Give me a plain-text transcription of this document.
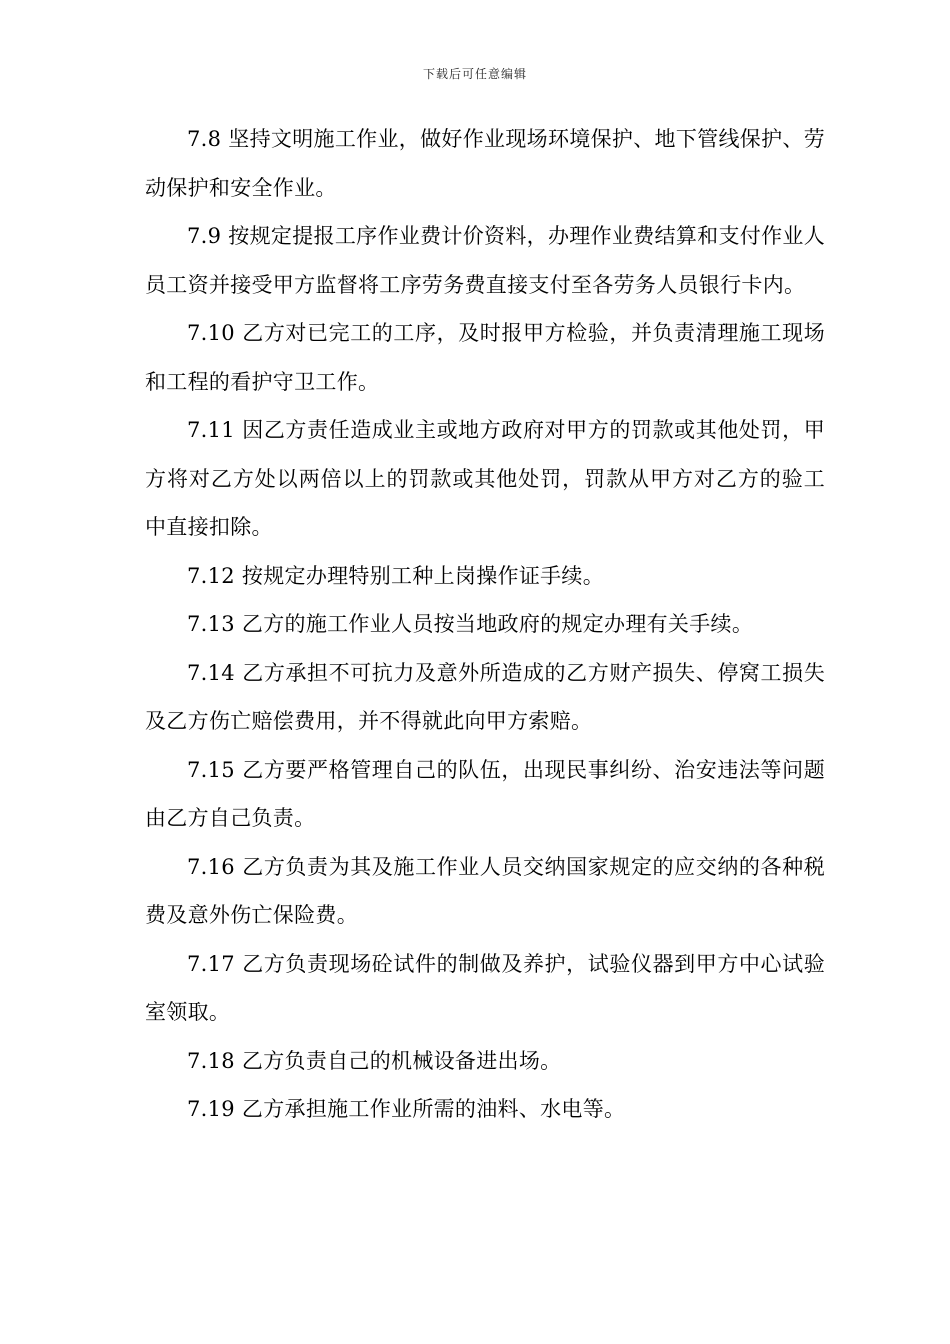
下载后可任意编辑

7.8 坚持文明施工作业，做好作业现场环境保护、地下管线保护、劳动保护和安全作业。

7.9 按规定提报工序作业费计价资料，办理作业费结算和支付作业人员工资并接受甲方监督将工序劳务费直接支付至各劳务人员银行卡内。

7.10 乙方对已完工的工序，及时报甲方检验，并负责清理施工现场和工程的看护守卫工作。

7.11 因乙方责任造成业主或地方政府对甲方的罚款或其他处罚，甲方将对乙方处以两倍以上的罚款或其他处罚，罚款从甲方对乙方的验工中直接扣除。

7.12 按规定办理特别工种上岗操作证手续。

7.13 乙方的施工作业人员按当地政府的规定办理有关手续。

7.14 乙方承担不可抗力及意外所造成的乙方财产损失、停窝工损失及乙方伤亡赔偿费用，并不得就此向甲方索赔。

7.15 乙方要严格管理自己的队伍，出现民事纠纷、治安违法等问题由乙方自己负责。

7.16 乙方负责为其及施工作业人员交纳国家规定的应交纳的各种税费及意外伤亡保险费。

7.17 乙方负责现场砼试件的制做及养护，试验仪器到甲方中心试验室领取。

7.18 乙方负责自己的机械设备进出场。

7.19 乙方承担施工作业所需的油料、水电等。
